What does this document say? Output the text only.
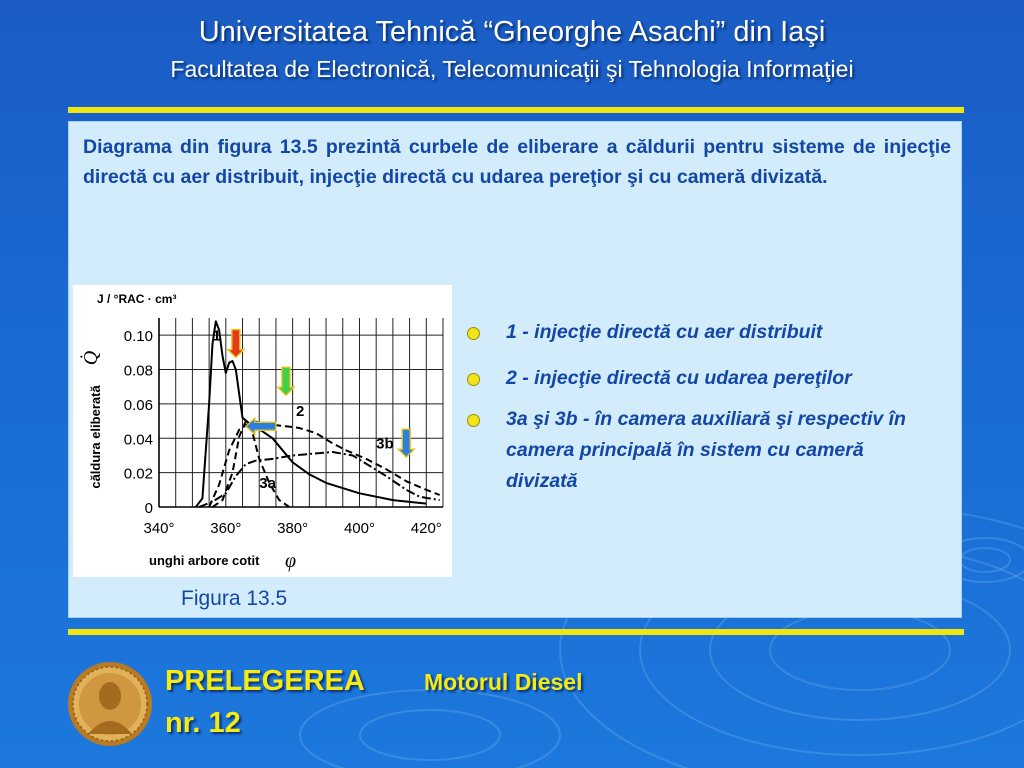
Universitatea Tehnică “Gheorghe Asachi” din Iaşi
Facultatea de Electronică, Telecomunicaţii şi Tehnologia Informaţiei

Diagrama din figura 13.5 prezintă curbele de eliberare a căldurii pentru sisteme de injecţie directă cu aer distribuit, injecţie directă cu udarea pereţior şi cu cameră divizată.

1
2
3a
3b
0
0.02
0.04
0.06
0.08
0.10
340° 360° 380° 400° 420°
J / °RAC · cm³
căldura eliberată
Q̇
unghi arbore cotit φ
Figura 13.5
1 - injecţie directă cu aer distribuit
2 - injecţie directă cu udarea pereţilor
3a şi 3b - în camera auxiliară şi respectiv în camera principală în sistem cu cameră divizată
PRELEGEREA	Motorul Diesel
nr. 12
